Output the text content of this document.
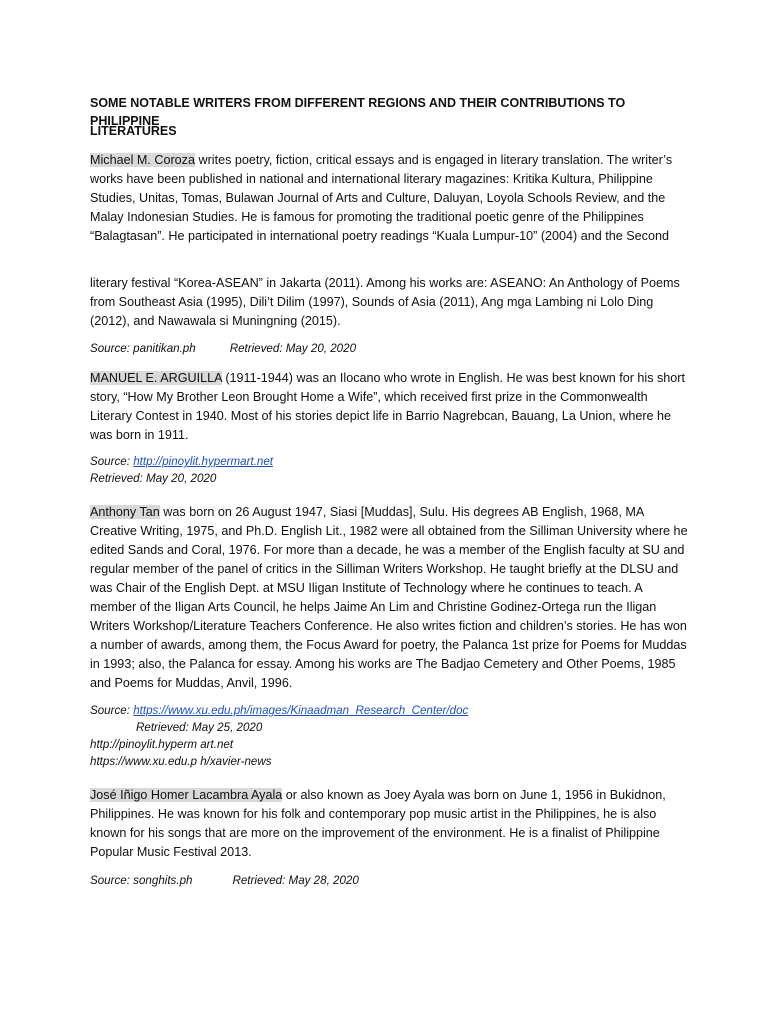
SOME NOTABLE WRITERS FROM DIFFERENT REGIONS AND THEIR CONTRIBUTIONS TO PHILIPPINE

LITERATURES

Michael M. Coroza writes poetry, fiction, critical essays and is engaged in literary translation. The writer’s works have been published in national and international literary magazines: Kritika Kultura, Philippine Studies, Unitas, Tomas, Bulawan Journal of Arts and Culture, Daluyan, Loyola Schools Review, and the Malay Indonesian Studies. He is famous for promoting the traditional poetic genre of the Philippines “Balagtasan”. He participated in international poetry readings “Kuala Lumpur-10” (2004) and the Second

literary festival “Korea-ASEAN” in Jakarta (2011). Among his works are: ASEANO: An Anthology of Poems from Southeast Asia (1995), Dili’t Dilim (1997), Sounds of Asia (2011), Ang mga Lambing ni Lolo Ding (2012), and Nawawala si Muningning (2015).

Source: panitikan.ph	Retrieved: May 20, 2020

MANUEL E. ARGUILLA (1911-1944) was an Ilocano who wrote in English. He was best known for his short story, “How My Brother Leon Brought Home a Wife”, which received first prize in the Commonwealth Literary Contest in 1940. Most of his stories depict life in Barrio Nagrebcan, Bauang, La Union, where he was born in 1911.

Source: http://pinoylit.hypermart.net

Retrieved: May 20, 2020

Anthony Tan was born on 26 August 1947, Siasi [Muddas], Sulu. His degrees AB English, 1968, MA Creative Writing, 1975, and Ph.D. English Lit., 1982 were all obtained from the Silliman University where he edited Sands and Coral, 1976. For more than a decade, he was a member of the English faculty at SU and regular member of the panel of critics in the Silliman Writers Workshop. He taught briefly at the DLSU and was Chair of the English Dept. at MSU Iligan Institute of Technology where he continues to teach. A member of the Iligan Arts Council, he helps Jaime An Lim and Christine Godinez-Ortega run the Iligan Writers Workshop/Literature Teachers Conference. He also writes fiction and children’s stories. He has won a number of awards, among them, the Focus Award for poetry, the Palanca 1st prize for Poems for Muddas in 1993; also, the Palanca for essay. Among his works are The Badjao Cemetery and Other Poems, 1985 and Poems for Muddas, Anvil, 1996.

Source: https://www.xu.edu.ph/images/Kinaadman_Research_Center/doc

Retrieved: May 25, 2020

http://pinoylit.hyperm art.net

https://www.xu.edu.p h/xavier-news

José Iñigo Homer Lacambra Ayala or also known as Joey Ayala was born on June 1, 1956 in Bukidnon, Philippines. He was known for his folk and contemporary pop music artist in the Philippines, he is also known for his songs that are more on the improvement of the environment. He is a finalist of Philippine Popular Music Festival 2013.

Source: songhits.ph	Retrieved: May 28, 2020
